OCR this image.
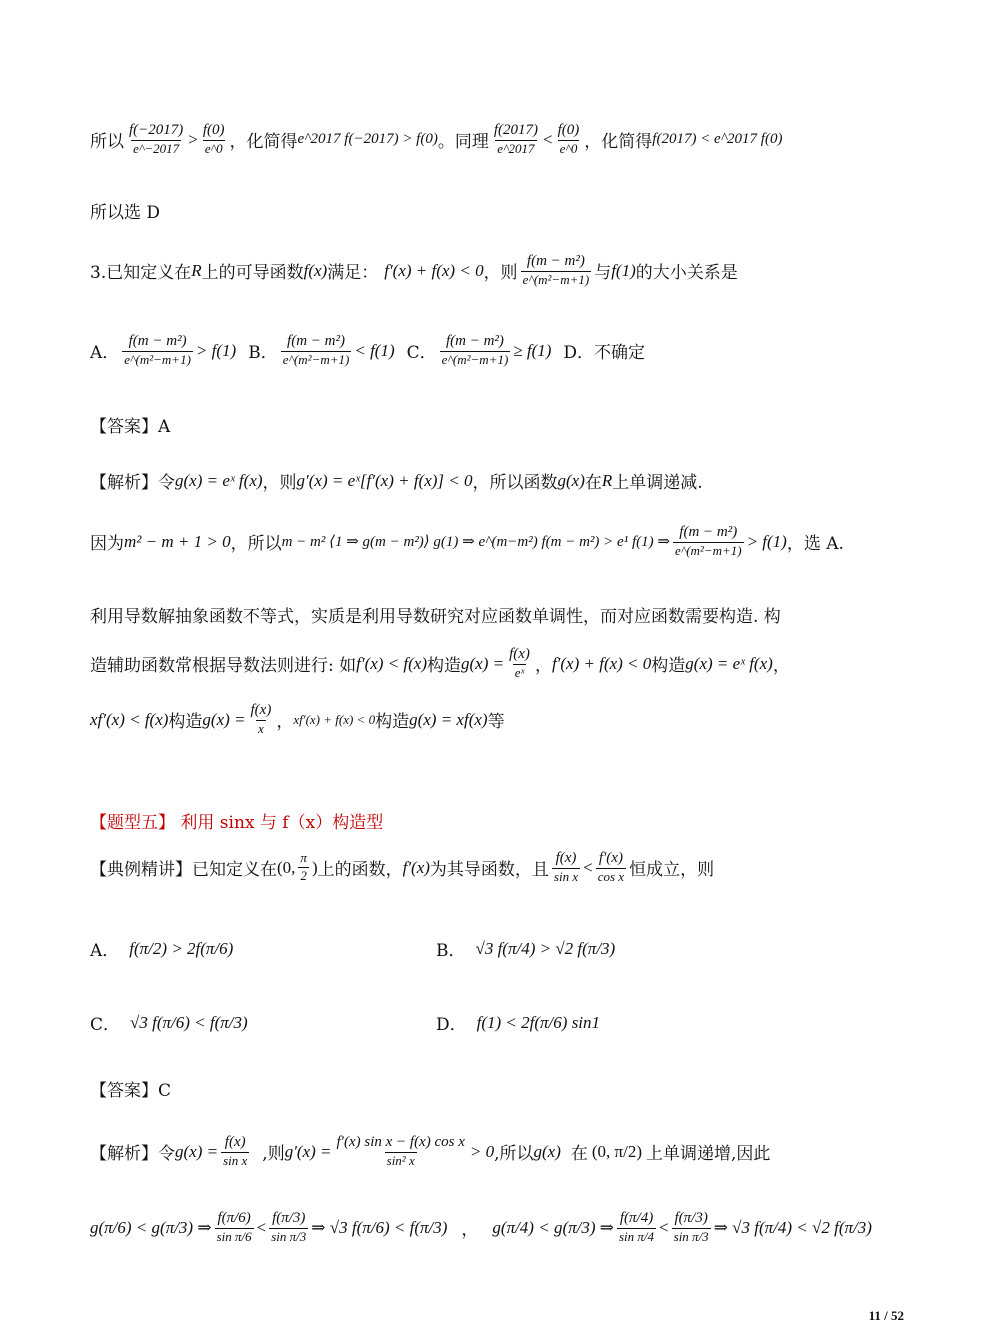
所以
f(−2017)
e^−2017
> f(0)
e^0 ，化简得 e^2017 f(−2017) > f(0) 。同理
f(2017)
e^2017
< f(0)
e^0 ，化简得 f(2017) < e^2017 f(0)
所以选 D
3.已知定义在 R 上的可导函数 f(x) 满足： f′(x) + f(x) < 0 ，则
f(m − m²)
e^(m²−m+1) 与 f(1) 的大小关系是
A．
f(m − m²)
e^(m²−m+1)
> f(1) B．
f(m − m²)
e^(m²−m+1)
< f(1) C． $\frac{\text{f(m − m²)}}{\text{e\textasciicircum{}(m²−m+1)}} \ge f(1)$ D．不确定
【答案】A
【解析】令 g(x) = eˣ f(x) ，则 g′(x) = eˣ[f′(x) + f(x)] < 0 ，所以函数 g(x) 在 R 上单调递减.
因为 m² − m + 1 > 0 ，所以 m − m² ⟨1 ⇒ g(m − m²)⟩ g(1) ⇒ e^(m−m²) f(m − m²) > e¹ f(1) ⇒
f(m − m²)
e^(m²−m+1)
> f(1) ，选 A.
利用导数解抽象函数不等式，实质是利用导数研究对应函数单调性，而对应函数需要构造. 构
造辅助函数常根据导数法则进行: 如 f′(x) < f(x) 构造 $g(x) = \frac{f(x)}{\text{eˣ}}$ ， f′(x) + f(x) < 0 构造 g(x) = eˣ f(x) ，
xf′(x) < f(x) 构造 $g(x) = \frac{f(x)}{x}$ ， xf′(x) + f(x) < 0 构造 g(x) = xf(x) 等
【题型五】 利用 sinx 与 f（x）构造型
【典例精讲】已知定义在 (0, π
2 ) 上的函数， f′(x) 为其导函数，且
f(x)
sin x
< f′(x)
cos x 恒成立，则
A． f(π/2) > 2f(π/6)	B． √3 f(π/4) > √2 f(π/3)
C． √3 f(π/6) < f(π/3)	D． f(1) < 2f(π/6) sin1
【答案】C
【解析】令 $g(x) = \frac{f(x)}{\text{sin x}}$ ,则 $g'(x) = \frac{\text{f′(x) sin x − f(x) cos x}}{\text{sin² x}} > 0$ ,所以 g(x) 在 (0, π/2) 上单调递增,因此
g(π/6) < g(π/3) ⇒ f(π/6)
sin π/6
< f(π/3)
sin π/3
⇒ √3 f(π/6) < f(π/3) ， g(π/4) < g(π/3) ⇒ f(π/4)
sin π/4
< f(π/3)
sin π/3
⇒ √3 f(π/4) < √2 f(π/3)
11 / 52
